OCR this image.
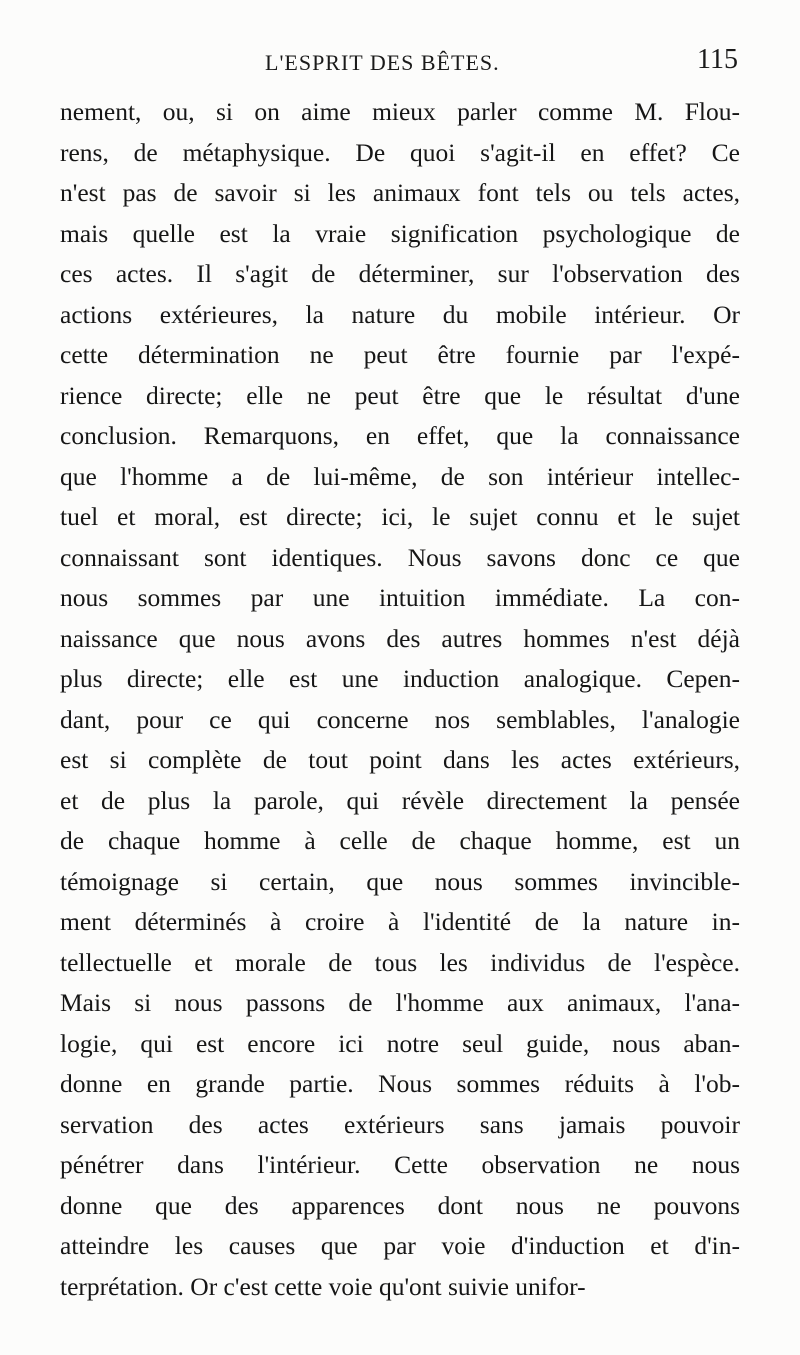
L'ESPRIT DES BÊTES.	115
nement, ou, si on aime mieux parler comme M. Flou-
rens, de métaphysique. De quoi s'agit-il en effet? Ce
n'est pas de savoir si les animaux font tels ou tels actes,
mais quelle est la vraie signification psychologique de
ces actes. Il s'agit de déterminer, sur l'observation des
actions extérieures, la nature du mobile intérieur. Or
cette détermination ne peut être fournie par l'expé-
rience directe; elle ne peut être que le résultat d'une
conclusion. Remarquons, en effet, que la connaissance
que l'homme a de lui-même, de son intérieur intellec-
tuel et moral, est directe; ici, le sujet connu et le sujet
connaissant sont identiques. Nous savons donc ce que
nous sommes par une intuition immédiate. La con-
naissance que nous avons des autres hommes n'est déjà
plus directe; elle est une induction analogique. Cepen-
dant, pour ce qui concerne nos semblables, l'analogie
est si complète de tout point dans les actes extérieurs,
et de plus la parole, qui révèle directement la pensée
de chaque homme à celle de chaque homme, est un
témoignage si certain, que nous sommes invincible-
ment déterminés à croire à l'identité de la nature in-
tellectuelle et morale de tous les individus de l'espèce.
Mais si nous passons de l'homme aux animaux, l'ana-
logie, qui est encore ici notre seul guide, nous aban-
donne en grande partie. Nous sommes réduits à l'ob-
servation des actes extérieurs sans jamais pouvoir
pénétrer dans l'intérieur. Cette observation ne nous
donne que des apparences dont nous ne pouvons
atteindre les causes que par voie d'induction et d'in-
terprétation. Or c'est cette voie qu'ont suivie unifor-
